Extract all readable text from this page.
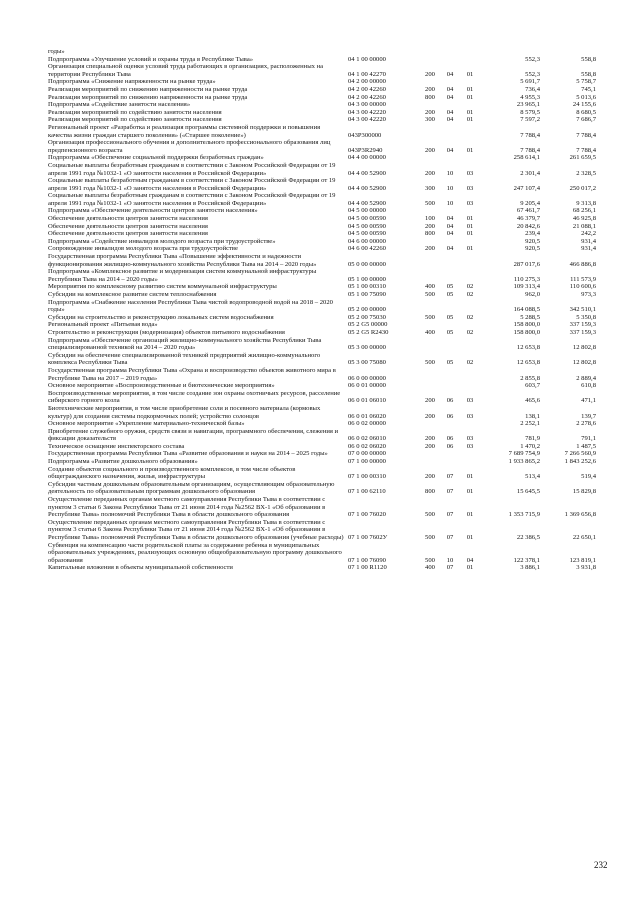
годы»
Подпрограмма «Улучшение условий и охраны труда в Республике Тыва»	04 1 00 00000	552,3	558,8
Организация специальной оценки условий труда работающих в организациях, расположенных на территории Республики Тыва	04 1 00 42270	200	04	01	552,3	558,8
Подпрограмма «Снижение напряженности на рынке труда»	04 2 00 00000	5 691,7	5 758,7
Реализация мероприятий по снижению напряженности на рынке труда	04 2 00 42260	200	04	01	736,4	745,1
Реализация мероприятий по снижению напряженности на рынке труда	04 2 00 42260	800	04	01	4 955,3	5 013,6
Подпрограмма «Содействие занятости населения»	04 3 00 00000	23 965,1	24 155,6
Реализация мероприятий по содействию занятости населения	04 3 00 42220	200	04	01	8 579,5	8 680,5
Реализация мероприятий по содействию занятости населения	04 3 00 42220	300	04	01	7 597,2	7 686,7
Региональный проект «Разработка и реализация программы системной поддержки и повышения качества жизни граждан старшего поколения» («Старшее поколение»)	043P300000	7 788,4	7 788,4
Организация профессионального обучения и дополнительного профессионального образования лиц предпенсионного возраста	043P3R2940	200	04	01	7 788,4	7 788,4
Подпрограмма «Обеспечение социальной поддержки безработных граждан»	04 4 00 00000	258 614,1	261 659,5
Социальные выплаты безработным гражданам в соответствии с Законом Российской Федерации от 19 апреля 1991 года №1032-1 «О занятости населения в Российской Федерации»	04 4 00 52900	200	10	03	2 301,4	2 328,5
Социальные выплаты безработным гражданам в соответствии с Законом Российской Федерации от 19 апреля 1991 года №1032-1 «О занятости населения в Российской Федерации»	04 4 00 52900	300	10	03	247 107,4	250 017,2
Социальные выплаты безработным гражданам в соответствии с Законом Российской Федерации от 19 апреля 1991 года №1032-1 «О занятости населения в Российской Федерации»	04 4 00 52900	500	10	03	9 205,4	9 313,8
Подпрограмма «Обеспечение деятельности центров занятости населения»	04 5 00 00000	67 461,7	68 256,1
Обеспечение деятельности центров занятости населения	04 5 00 00590	100	04	01	46 379,7	46 925,8
Обеспечение деятельности центров занятости населения	04 5 00 00590	200	04	01	20 842,6	21 088,1
Обеспечение деятельности центров занятости населения	04 5 00 00590	800	04	01	239,4	242,2
Подпрограмма «Содействие инвалидов молодого возраста при трудоустройстве»	04 6 00 00000	920,5	931,4
Сопровождение инвалидов молодого возраста при трудоустройстве	04 6 00 42260	200	04	01	920,5	931,4
Государственная программа Республики Тыва «Повышение эффективности и надежности функционирования жилищно-коммунального хозяйства Республики Тыва на 2014 – 2020 годы»	05 0 00 00000	287 017,6	466 886,8
Подпрограмма «Комплексное развитие и модернизация систем коммунальной инфраструктуры Республики Тыва на 2014 – 2020 годы»	05 1 00 00000	110 275,3	111 573,9
Мероприятия по комплексному развитию систем коммунальной инфраструктуры	05 1 00 00310	400	05	02	109 313,4	110 600,6
Субсидии на комплексное развитие систем теплоснабжения	05 1 00 75090	500	05	02	962,0	973,3
Подпрограмма «Снабжение населения Республики Тыва чистой водопроводной водой на 2018 – 2020 годы»	05 2 00 00000	164 088,5	342 510,1
Субсидии на строительство и реконструкцию локальных систем водоснабжения	05 2 00 75030	500	05	02	5 288,5	5 350,8
Региональный проект «Питьевая вода»	05 2 G5 00000	158 800,0	337 159,3
Строительство и реконструкция (модернизация) объектов питьевого водоснабжения	05 2 G5 R2430	400	05	02	158 800,0	337 159,3
Подпрограмма «Обеспечение организаций жилищно-коммунального хозяйства Республики Тыва специализированной техникой на 2014 – 2020 годы»	05 3 00 00000	12 653,8	12 802,8
Субсидии на обеспечение специализированной техникой предприятий жилищно-коммунального комплекса Республики Тыва	05 3 00 75080	500	05	02	12 653,8	12 802,8
Государственная программа Республики Тыва «Охрана и воспроизводство объектов животного мира в Республике Тыва на 2017 – 2019 годы»	06 0 00 00000	2 855,8	2 889,4
Основное мероприятие «Воспроизводственные и биотехнические мероприятия»	06 0 01 00000	603,7	610,8
Воспроизводственные мероприятия, в том числе создание зон охраны охотничьих ресурсов, расселение сибирского горного козла	06 0 01 06010	200	06	03	465,6	471,1
Биотехнические мероприятия, в том числе приобретение соли и посевного материала (кормовых культур) для создания системы подкормочных полей; устройство солонцов	06 0 01 06020	200	06	03	138,1	139,7
Основное мероприятие «Укрепление материально-технической базы»	06 0 02 00000	2 252,1	2 278,6
Приобретение служебного оружия, средств связи и навигации, программного обеспечения, слежения и фиксации доказательств	06 0 02 06010	200	06	03	781,9	791,1
Техническое оснащение инспекторского состава	06 0 02 06020	200	06	03	1 470,2	1 487,5
Государственная программа Республики Тыва «Развитие образования и науки на 2014 – 2025 годы»	07 0 00 00000	7 689 754,9	7 266 560,9
Подпрограмма «Развитие дошкольного образования»	07 1 00 00000	1 933 865,2	1 843 252,6
Создание объектов социального и производственного комплексов, в том числе объектов общегражданского назначения, жилья, инфраструктуры	07 1 00 00310	200	07	01	513,4	519,4
Субсидии частным дошкольным образовательным организациям, осуществляющим образовательную деятельность по образовательным программам дошкольного образования	07 1 00 62110	800	07	01	15 645,5	15 829,8
Осуществление переданных органам местного самоуправления Республики Тыва в соответствии с пунктом 3 статьи 6 Закона Республики Тыва от 21 июня 2014 года №2562 ВХ-1 «Об образовании в Республике Тыва» полномочий Республики Тыва в области дошкольного образования	07 1 00 76020	500	07	01	1 353 715,9	1 369 656,8
Осуществление переданных органам местного самоуправления Республики Тыва в соответствии с пунктом 3 статьи 6 Закона Республики Тыва от 21 июня 2014 года №2562 ВХ-1 «Об образовании в Республике Тыва» полномочий Республики Тыва в области дошкольного образования (учебные расходы) 07 1 00 7602У	500	07	01	22 386,5	22 650,1
Субвенция на компенсацию части родительской платы за содержание ребенка в муниципальных образовательных учреждениях, реализующих основную общеобразовательную программу дошкольного образования	07 1 00 76090	500	10	04	122 378,1	123 819,1
Капитальные вложения в объекты муниципальной собственности	07 1 00 R1120	400	07	01	3 886,1	3 931,8
232
